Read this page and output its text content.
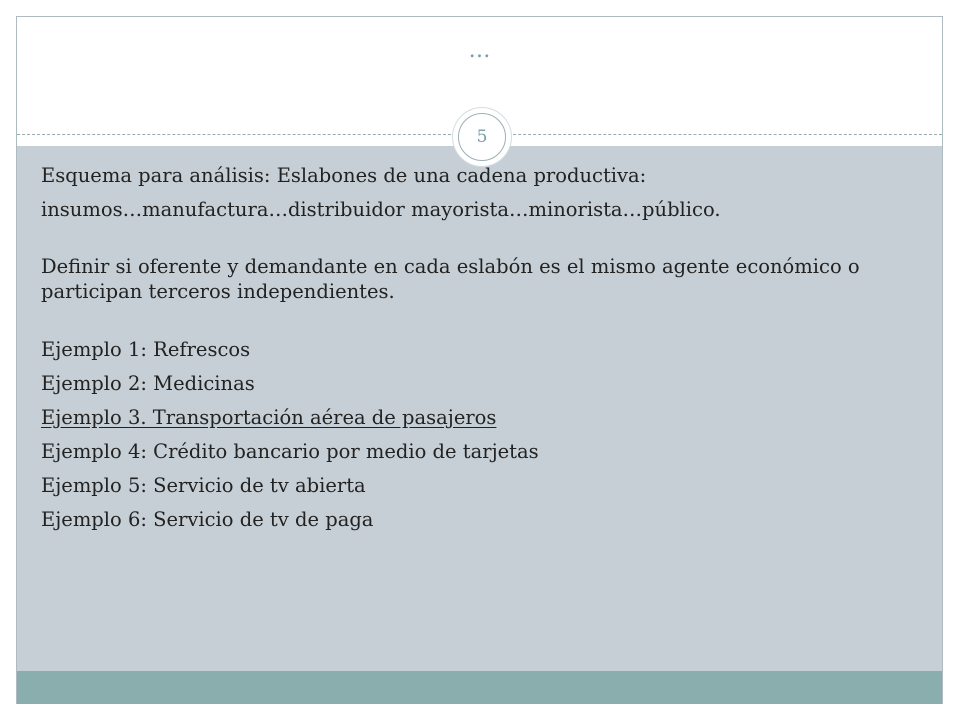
…
5

Esquema para análisis: Eslabones de una cadena productiva:

insumos…manufactura…distribuidor mayorista…minorista…público.

Definir si oferente y demandante en cada eslabón es el mismo agente económico o participan terceros independientes.

Ejemplo 1: Refrescos

Ejemplo 2: Medicinas

Ejemplo 3. Transportación aérea de pasajeros

Ejemplo 4: Crédito bancario por medio de tarjetas

Ejemplo 5: Servicio de tv abierta

Ejemplo 6: Servicio de tv de paga
